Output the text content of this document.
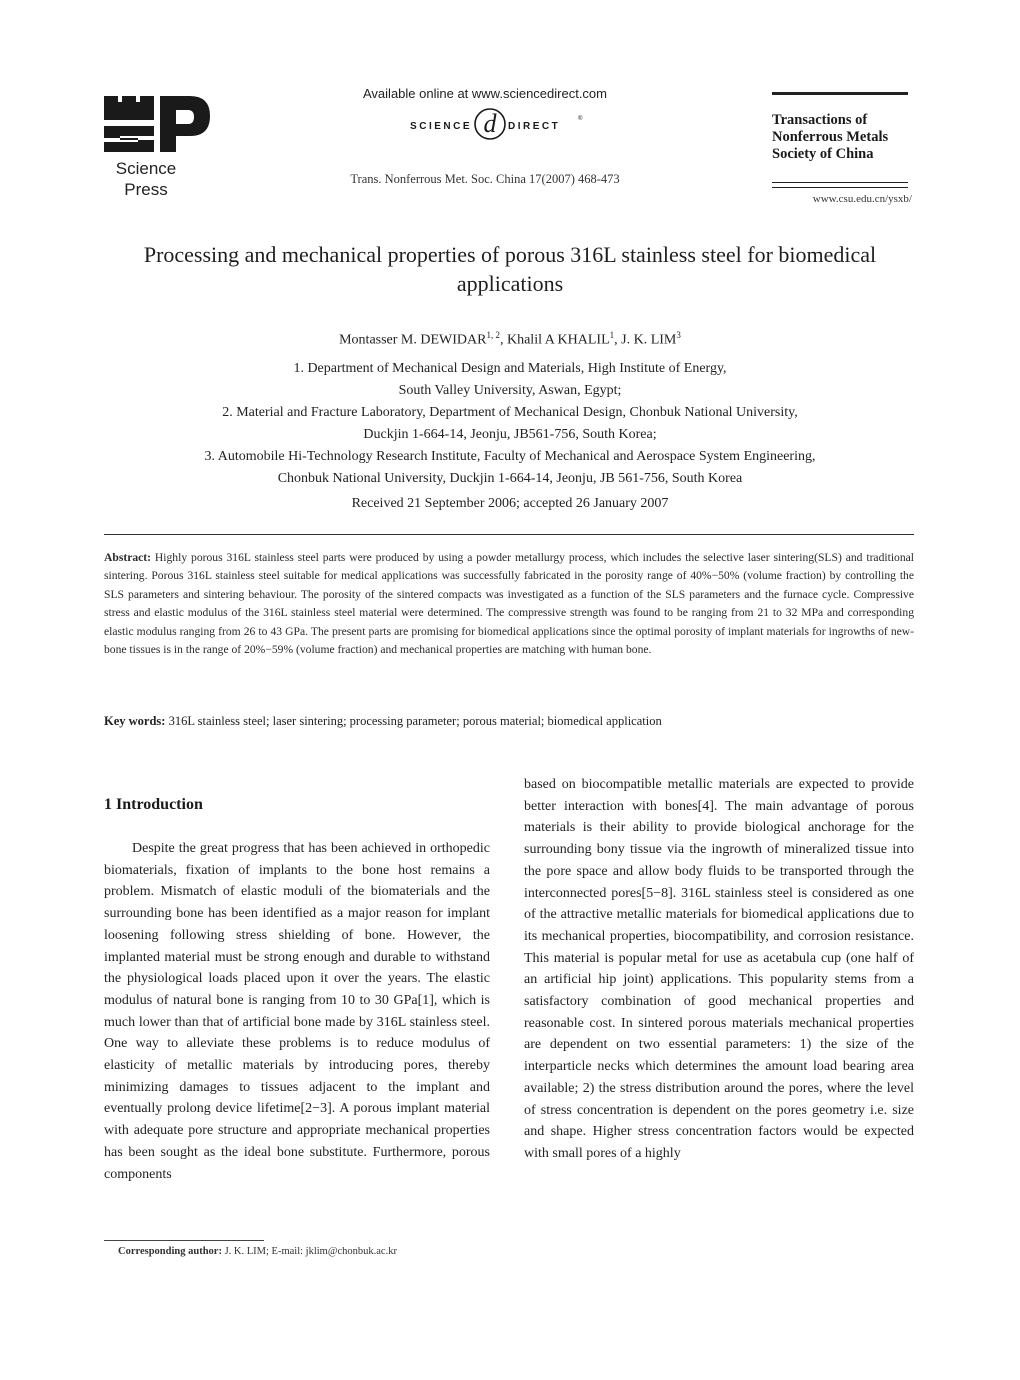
Science
Press
Available online at www.sciencedirect.com
SCIENCE d DIRECT
®
Trans. Nonferrous Met. Soc. China 17(2007) 468-473
Transactions of
Nonferrous Metals
Society of China
www.csu.edu.cn/ysxb/
Processing and mechanical properties of porous 316L stainless steel for biomedical applications
Montasser M. DEWIDAR$^{1, 2}$, Khalil A KHALIL$^1$, J. K. LIM$^3$
1. Department of Mechanical Design and Materials, High Institute of Energy,
South Valley University, Aswan, Egypt;
2. Material and Fracture Laboratory, Department of Mechanical Design, Chonbuk National University,
Duckjin 1-664-14, Jeonju, JB561-756, South Korea;
3. Automobile Hi-Technology Research Institute, Faculty of Mechanical and Aerospace System Engineering,
Chonbuk National University, Duckjin 1-664-14, Jeonju, JB 561-756, South Korea
Received 21 September 2006; accepted 26 January 2007
Abstract: Highly porous 316L stainless steel parts were produced by using a powder metallurgy process, which includes the selective laser sintering(SLS) and traditional sintering. Porous 316L stainless steel suitable for medical applications was successfully fabricated in the porosity range of 40%−50% (volume fraction) by controlling the SLS parameters and sintering behaviour. The porosity of the sintered compacts was investigated as a function of the SLS parameters and the furnace cycle. Compressive stress and elastic modulus of the 316L stainless steel material were determined. The compressive strength was found to be ranging from 21 to 32 MPa and corresponding elastic modulus ranging from 26 to 43 GPa. The present parts are promising for biomedical applications since the optimal porosity of implant materials for ingrowths of new-bone tissues is in the range of 20%−59% (volume fraction) and mechanical properties are matching with human bone.
Key words: 316L stainless steel; laser sintering; processing parameter; porous material; biomedical application
1 Introduction
Despite the great progress that has been achieved in orthopedic biomaterials, fixation of implants to the bone host remains a problem. Mismatch of elastic moduli of the biomaterials and the surrounding bone has been identified as a major reason for implant loosening following stress shielding of bone. However, the implanted material must be strong enough and durable to withstand the physiological loads placed upon it over the years. The elastic modulus of natural bone is ranging from 10 to 30 GPa[1], which is much lower than that of artificial bone made by 316L stainless steel. One way to alleviate these problems is to reduce modulus of elasticity of metallic materials by introducing pores, thereby minimizing damages to tissues adjacent to the implant and eventually prolong device lifetime[2−3]. A porous implant material with adequate pore structure and appropriate mechanical properties has been sought as the ideal bone substitute. Furthermore, porous components
based on biocompatible metallic materials are expected to provide better interaction with bones[4]. The main advantage of porous materials is their ability to provide biological anchorage for the surrounding bony tissue via the ingrowth of mineralized tissue into the pore space and allow body fluids to be transported through the interconnected pores[5−8]. 316L stainless steel is considered as one of the attractive metallic materials for biomedical applications due to its mechanical properties, biocompatibility, and corrosion resistance. This material is popular metal for use as acetabula cup (one half of an artificial hip joint) applications. This popularity stems from a satisfactory combination of good mechanical properties and reasonable cost. In sintered porous materials mechanical properties are dependent on two essential parameters: 1) the size of the interparticle necks which determines the amount load bearing area available; 2) the stress distribution around the pores, where the level of stress concentration is dependent on the pores geometry i.e. size and shape. Higher stress concentration factors would be expected with small pores of a highly
Corresponding author: J. K. LIM; E-mail: jklim@chonbuk.ac.kr
